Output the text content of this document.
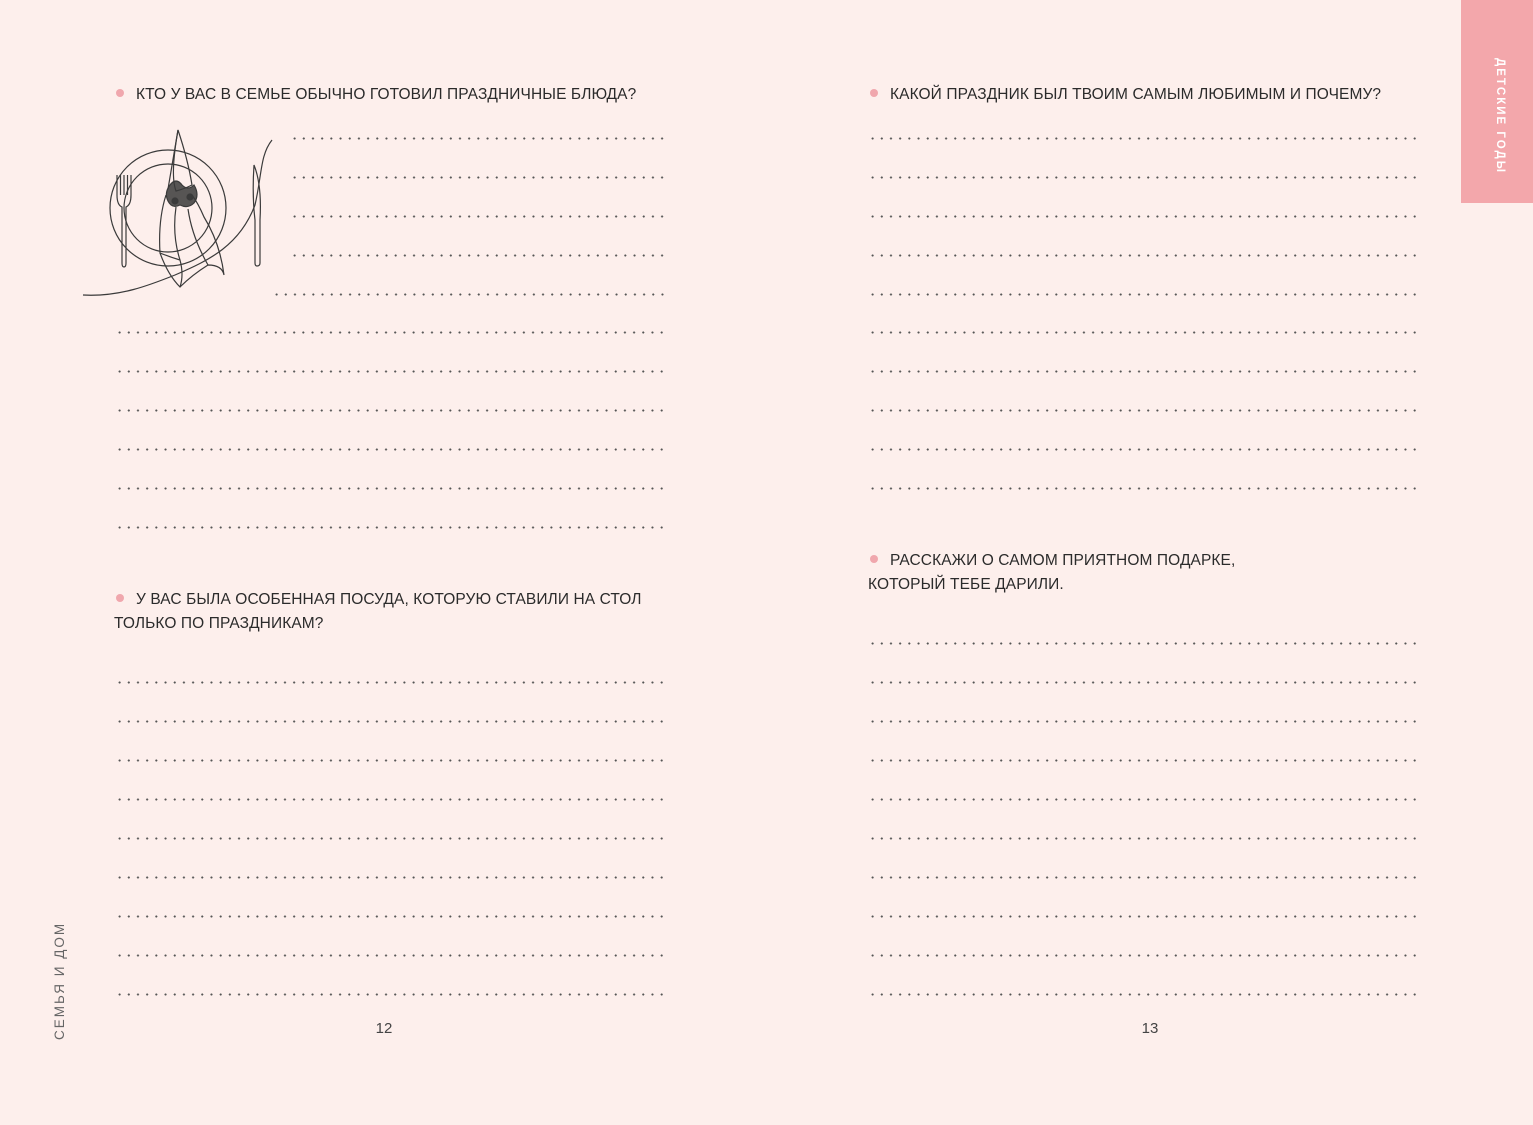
КТО У ВАС В СЕМЬЕ ОБЫЧНО ГОТОВИЛ ПРАЗДНИЧНЫЕ БЛЮДА?
У ВАС БЫЛА ОСОБЕННАЯ ПОСУДА, КОТОРУЮ СТАВИЛИ НА СТОЛ
ТОЛЬКО ПО ПРАЗДНИКАМ?
СЕМЬЯ И ДОМ	12
КАКОЙ ПРАЗДНИК БЫЛ ТВОИМ САМЫМ ЛЮБИМЫМ И ПОЧЕМУ?
РАССКАЖИ О САМОМ ПРИЯТНОМ ПОДАРКЕ,
КОТОРЫЙ ТЕБЕ ДАРИЛИ.
13
ДЕТСКИЕ ГОДЫ
